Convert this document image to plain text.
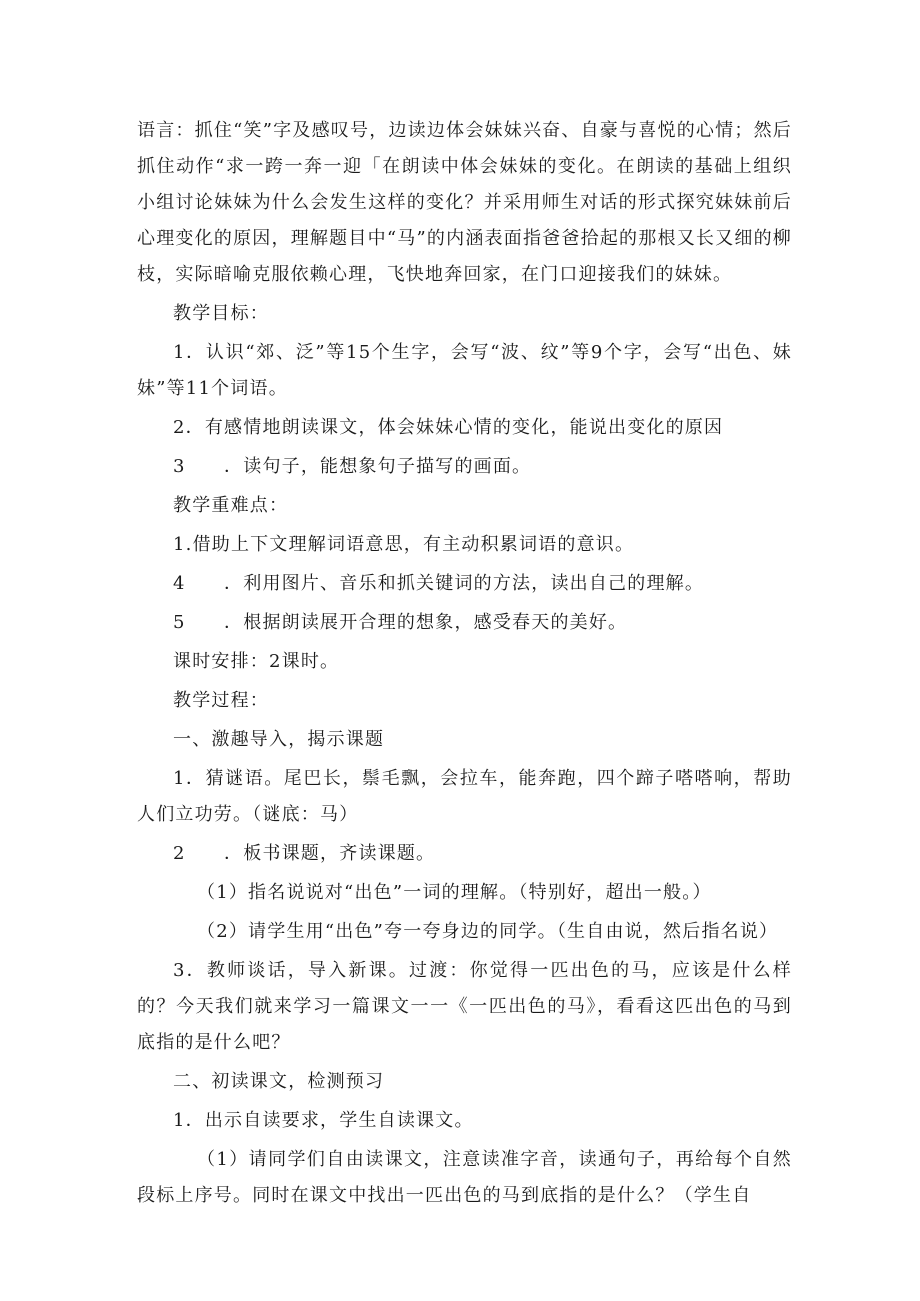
语言：抓住“笑”字及感叹号，边读边体会妹妹兴奋、自豪与喜悦的心情；然后抓住动作“求一跨一奔一迎「在朗读中体会妹妹的变化。在朗读的基础上组织小组讨论妹妹为什么会发生这样的变化？并采用师生对话的形式探究妹妹前后心理变化的原因，理解题目中“马”的内涵表面指爸爸拾起的那根又长又细的柳枝，实际暗喻克服依赖心理，飞快地奔回家，在门口迎接我们的妹妹。

教学目标：

1．认识“郊、泛”等15个生字，会写“波、纹”等9个字，会写“出色、妹妹”等11个词语。

2．有感情地朗读课文，体会妹妹心情的变化，能说出变化的原因

3　　．读句子，能想象句子描写的画面。

教学重难点：

1.借助上下文理解词语意思，有主动积累词语的意识。

4　　．利用图片、音乐和抓关键词的方法，读出自己的理解。

5　　．根据朗读展开合理的想象，感受春天的美好。

课时安排：2课时。

教学过程：

一、激趣导入，揭示课题

1．猜谜语。尾巴长，鬃毛飘，会拉车，能奔跑，四个蹄子嗒嗒响，帮助人们立功劳。（谜底：马）

2　　．板书课题，齐读课题。

（1）指名说说对“出色”一词的理解。（特别好，超出一般。）

（2）请学生用“出色”夸一夸身边的同学。（生自由说，然后指名说）

3．教师谈话，导入新课。过渡：你觉得一匹出色的马，应该是什么样的？今天我们就来学习一篇课文一一《一匹出色的马》，看看这匹出色的马到底指的是什么吧？

二、初读课文，检测预习

1．出示自读要求，学生自读课文。

（1）请同学们自由读课文，注意读准字音，读通句子，再给每个自然段标上序号。同时在课文中找出一匹出色的马到底指的是什么？（学生自
